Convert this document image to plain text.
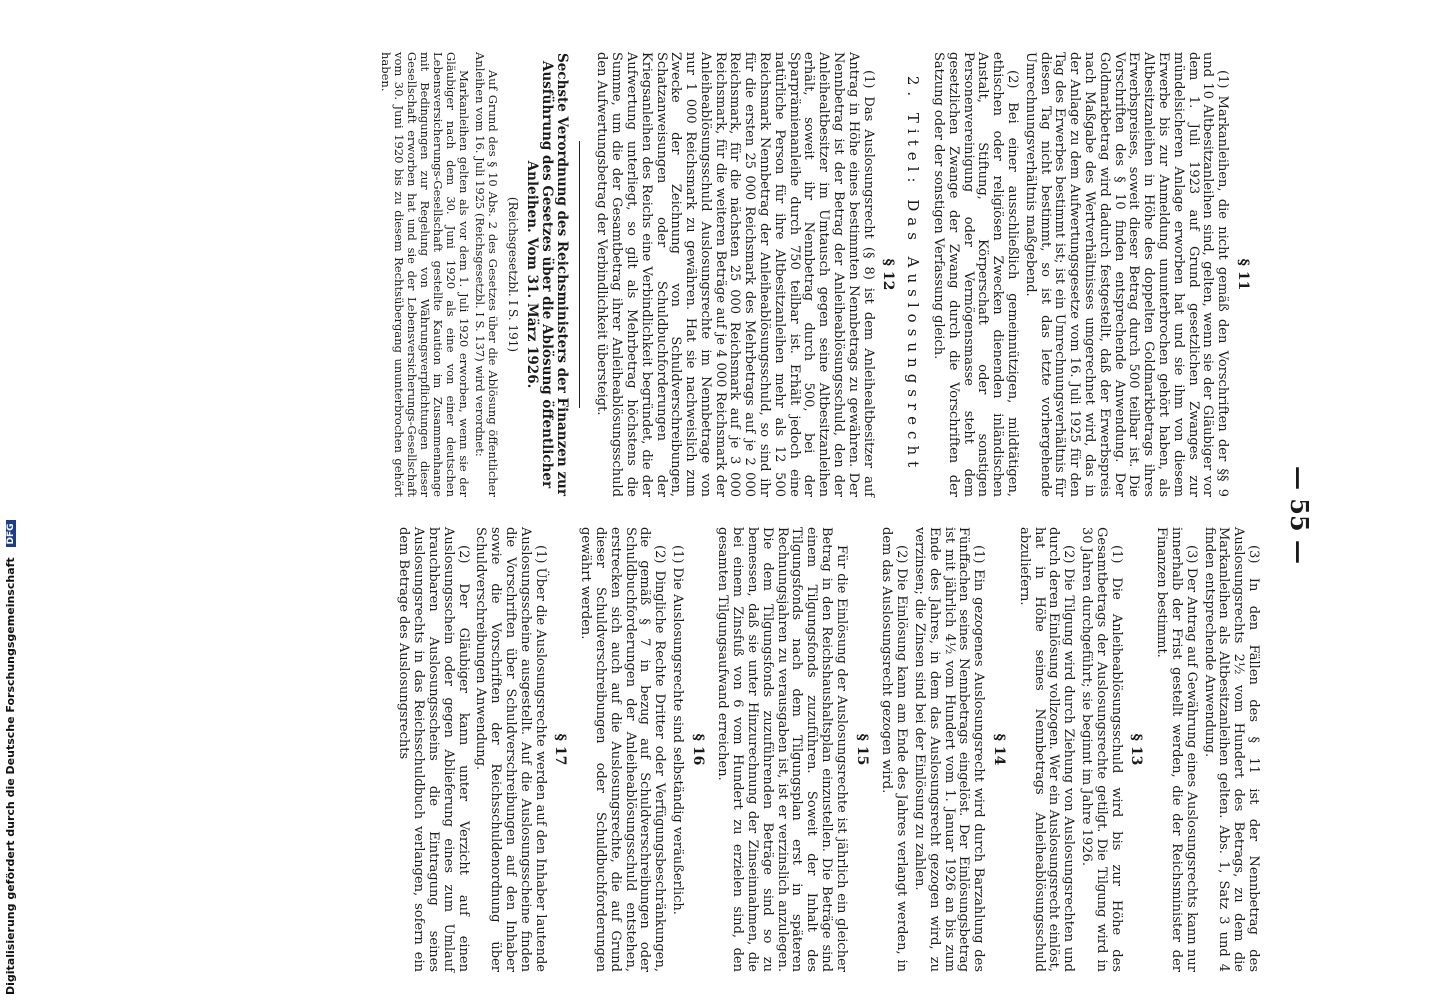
— 55 —
§ 11

(1) Markanleihen, die nicht gemäß den Vorschriften der §§ 9 und 10 Altbesitzanleihen sind, gelten, wenn sie der Gläubiger vor dem 1. Juli 1923 auf Grund gesetzlichen Zwanges zur mündelsicheren Anlage erworben hat und sie ihm von diesem Erwerbe bis zur Anmeldung ununterbrochen gehört haben, als Altbesitzanleihen in Höhe des doppelten Goldmarkbetrags ihres Erwerbspreises, soweit dieser Betrag durch 500 teilbar ist. Die Vorschriften des § 10 finden entsprechende Anwendung. Der Goldmarkbetrag wird dadurch festgestellt, daß der Erwerbspreis nach Maßgabe des Wertverhältnisses umgerechnet wird, das in der Anlage zu dem Aufwertungsgesetze vom 16. Juli 1925 für den Tag des Erwerbes bestimmt ist; ist ein Umrechnungsverhältnis für diesen Tag nicht bestimmt, so ist das letzte vorhergehende Umrechnungsverhältnis maßgebend.

(2) Bei einer ausschließlich gemeinnützigen, mildtätigen, ethischen oder religiösen Zwecken dienenden inländischen Anstalt, Stiftung, Körperschaft oder sonstigen Personenvereinigung oder Vermögensmasse steht dem gesetzlichen Zwange der Zwang durch die Vorschriften der Satzung oder der sonstigen Verfassung gleich.

2. Titel: Das Auslosungsrecht
§ 12

(1) Das Auslosungsrecht (§ 8) ist dem Anleihealtbesitzer auf Antrag in Höhe eines bestimmten Nennbetrags zu gewähren. Der Nennbetrag ist der Betrag der Anleiheablösungsschuld, den der Anleihealtbesitzer im Umtausch gegen seine Altbesitzanleihen erhält, soweit ihr Nennbetrag durch 500, bei der Sparprämienanleihe durch 750 teilbar ist. Erhält jedoch eine natürliche Person für ihre Altbesitzanleihen mehr als 12 500 Reichsmark Nennbetrag der Anleiheablösungsschuld, so sind ihr für die ersten 25 000 Reichsmark des Mehrbetrags auf je 2 000 Reichsmark, für die nächsten 25 000 Reichsmark auf je 3 000 Reichsmark, für die weiteren Beträge auf je 4 000 Reichsmark der Anleiheablösungsschuld Auslosungsrechte im Nennbetrage von nur 1 000 Reichsmark zu gewähren. Hat sie nachweislich zum Zwecke der Zeichnung von Schuldverschreibungen, Schatzanweisungen oder Schuldbuchforderungen der Kriegsanleihen des Reichs eine Verbindlichkeit begründet, die der Aufwertung unterliegt, so gilt als Mehrbetrag höchstens die Summe, um die der Gesamtbetrag ihrer Anleiheablösungsschuld den Aufwertungsbetrag der Verbindlichkeit übersteigt.

Sechste Verordnung des Reichsministers der Finanzen zur Ausführung des Gesetzes über die Ablösung öffentlicher Anleihen. Vom 31. März 1926.
(Reichsgesetzbl. I S. 191)

Auf Grund des § 10 Abs. 2 des Gesetzes über die Ablösung öffentlicher Anleihen vom 16. Juli 1925 (Reichsgesetzbl. I S. 137) wird verordnet:

Markanleihen gelten als vor dem 1. Juli 1920 erworben, wenn sie der Gläubiger nach dem 30. Juni 1920 als eine von einer deutschen Lebensversicherungs-Gesellschaft gestellte Kaution im Zusammenhange mit Bedingungen zur Regelung von Währungsverpflichtungen dieser Gesellschaft erworben hat und sie der Lebensversicherungs-Gesellschaft vom 30. Juni 1920 bis zu diesem Rechtsübergang ununterbrochen gehört haben.

(3) In den Fällen des § 11 ist der Nennbetrag des Auslosungsrechts 2½ vom Hundert des Betrags, zu dem die Markanleihen als Altbesitzanleihen gelten. Abs. 1, Satz 3 und 4 finden entsprechende Anwendung.

(3) Der Antrag auf Gewährung eines Auslosungsrechts kann nur innerhalb der Frist gestellt werden, die der Reichsminister der Finanzen bestimmt.

§ 13

(1) Die Anleiheablösungsschuld wird bis zur Höhe des Gesamtbetrags der Auslosungsrechte getilgt. Die Tilgung wird in 30 Jahren durchgeführt; sie beginnt im Jahre 1926.

(2) Die Tilgung wird durch Ziehung von Auslosungsrechten und durch deren Einlösung vollzogen. Wer ein Auslosungsrecht einlöst, hat in Höhe seines Nennbetrags Anleiheablösungsschuld abzuliefern.

§ 14

(1) Ein gezogenes Auslosungsrecht wird durch Barzahlung des Fünffachen seines Nennbetrags eingelöst. Der Einlösungsbetrag ist mit jährlich 4½ vom Hundert vom 1. Januar 1926 an bis zum Ende des Jahres, in dem das Auslosungsrecht gezogen wird, zu verzinsen; die Zinsen sind bei der Einlösung zu zahlen.

(2) Die Einlösung kann am Ende des Jahres verlangt werden, in dem das Auslosungsrecht gezogen wird.

§ 15

Für die Einlösung der Auslosungsrechte ist jährlich ein gleicher Betrag in den Reichshaushaltsplan einzustellen. Die Beträge sind einem Tilgungsfonds zuzuführen. Soweit der Inhalt des Tilgungsfonds nach dem Tilgungsplan erst in späteren Rechnungsjahren zu verausgaben ist, ist er verzinslich anzulegen. Die dem Tilgungsfonds zuzuführenden Beträge sind so zu bemessen, daß sie unter Hinzurechnung der Zinseinnahmen, die bei einem Zinsfuß von 6 vom Hundert zu erzielen sind, den gesamten Tilgungsaufwand erreichen.

§ 16

(1) Die Auslosungsrechte sind selbständig veräußerlich.

(2) Dingliche Rechte Dritter oder Verfügungsbeschränkungen, die gemäß § 7 in bezug auf Schuldverschreibungen oder Schuldbuchforderungen der Anleiheablösungsschuld entstehen, erstrecken sich auch auf die Auslosungsrechte, die auf Grund dieser Schuldverschreibungen oder Schuldbuchforderungen gewährt werden.

§ 17

(1) Über die Auslosungsrechte werden auf den Inhaber lautende Auslosungsscheine ausgestellt. Auf die Auslosungsscheine finden die Vorschriften über Schuldverschreibungen auf den Inhaber sowie die Vorschriften der Reichsschuldenordnung über Schuldverschreibungen Anwendung.

(2) Der Gläubiger kann unter Verzicht auf einen Auslosungsschein oder gegen Ablieferung eines zum Umlauf brauchbaren Auslosungsscheins die Eintragung seines Auslosungsrechts in das Reichsschuldbuch verlangen, sofern ein dem Betrage des Auslosungsrechts

Digitalisierung gefördert durch die Deutsche Forschungsgemeinschaft DFG
